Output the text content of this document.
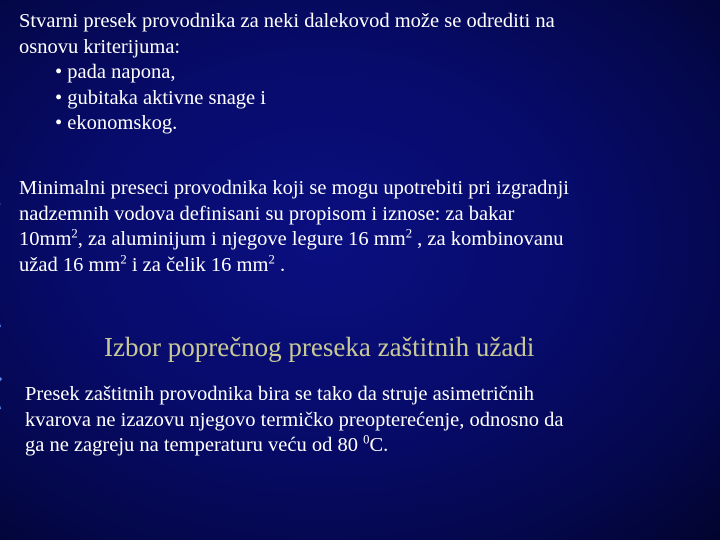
Stvarni presek provodnika za neki dalekovod može se odrediti na
osnovu kriterijuma:
• pada napona,
• gubitaka aktivne snage i
• ekonomskog.
Minimalni preseci provodnika koji se mogu upotrebiti pri izgradnji
nadzemnih vodova definisani su propisom i iznose: za bakar
$10mm^2$, za aluminijum i njegove legure 16 $mm^2$ , za kombinovanu
užad 16 $mm^2$ i za čelik 16 $mm^2$ .
Izbor poprečnog preseka zaštitnih užadi
Presek zaštitnih provodnika bira se tako da struje asimetričnih
kvarova ne izazovu njegovo termičko preopterećenje, odnosno da
ga ne zagreju na temperaturu veću od 80 $^0$C.
